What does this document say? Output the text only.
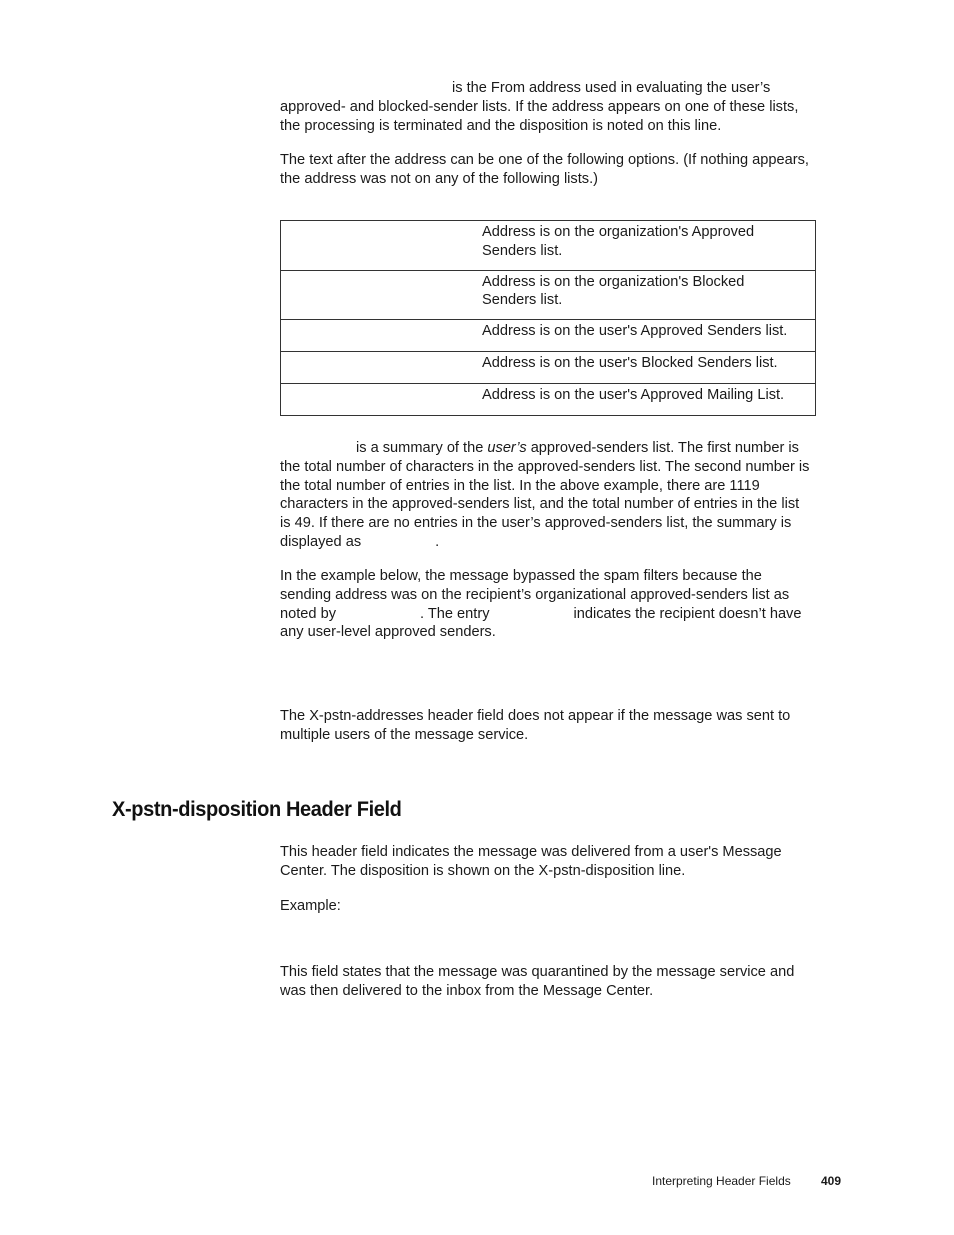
is the From address used in evaluating the user’s
approved- and blocked-sender lists. If the address appears on one of these lists,
the processing is terminated and the disposition is noted on this line.
The text after the address can be one of the following options. (If nothing appears,
the address was not on any of the following lists.)

	Address is on the organization's Approved
Senders list.

	Address is on the organization's Blocked
Senders list.

	Address is on the user's Approved Senders list.

	Address is on the user's Blocked Senders list.

	Address is on the user's Approved Mailing List.
is a summary of the user’s approved-senders list. The first number is
the total number of characters in the approved-senders list. The second number is
the total number of entries in the list. In the above example, there are 1119
characters in the approved-senders list, and the total number of entries in the list
is 49. If there are no entries in the user’s approved-senders list, the summary is
displayed as	.
In the example below, the message bypassed the spam filters because the
sending address was on the recipient’s organizational approved-senders list as
noted by	. The entry	indicates the recipient doesn’t have
any user-level approved senders.
The X-pstn-addresses header field does not appear if the message was sent to
multiple users of the message service.
X-pstn-disposition Header Field
This header field indicates the message was delivered from a user's Message
Center. The disposition is shown on the X-pstn-disposition line.
Example:
This field states that the message was quarantined by the message service and
was then delivered to the inbox from the Message Center.
Interpreting Header Fields	409
